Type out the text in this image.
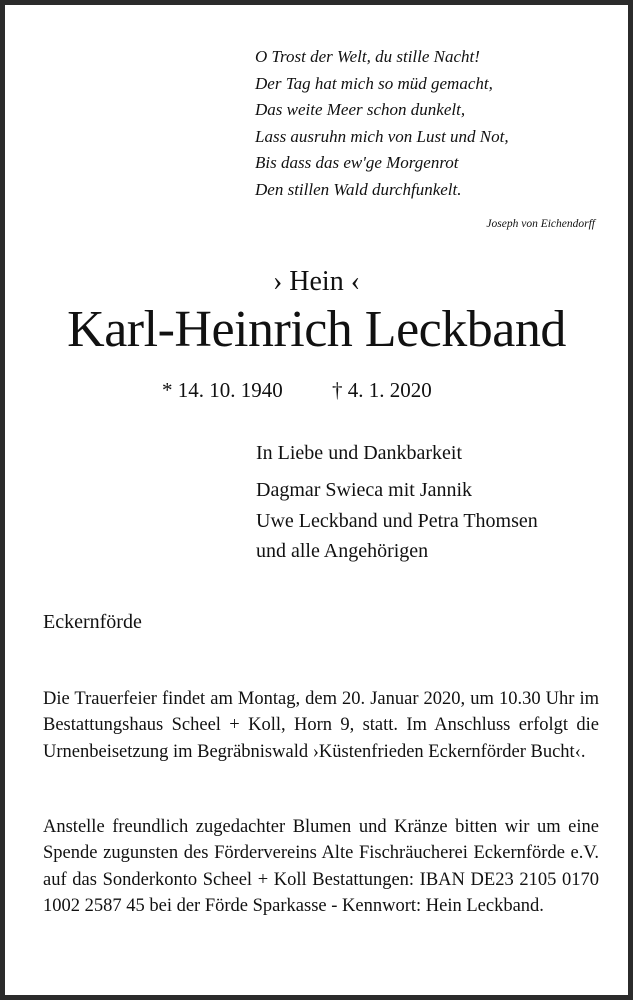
O Trost der Welt, du stille Nacht!
Der Tag hat mich so müd gemacht,
Das weite Meer schon dunkelt,
Lass ausruhn mich von Lust und Not,
Bis dass das ew'ge Morgenrot
Den stillen Wald durchfunkelt.
Joseph von Eichendorff
› Hein ‹
Karl-Heinrich Leckband
* 14. 10. 1940 † 4. 1. 2020
In Liebe und Dankbarkeit
Dagmar Swieca mit Jannik
Uwe Leckband und Petra Thomsen
und alle Angehörigen
Eckernförde
Die Trauerfeier findet am Montag, dem 20. Januar 2020, um 10.30 Uhr im Bestattungshaus Scheel + Koll, Horn 9, statt. Im Anschluss erfolgt die Urnenbeisetzung im Begräbniswald ›Küstenfrieden Eckernförder Bucht‹.
Anstelle freundlich zugedachter Blumen und Kränze bitten wir um eine Spende zugunsten des Fördervereins Alte Fischräucherei Eckernförde e.V. auf das Sonderkonto Scheel + Koll Bestattungen: IBAN DE23 2105 0170 1002 2587 45 bei der Förde Sparkasse - Kennwort: Hein Leckband.
